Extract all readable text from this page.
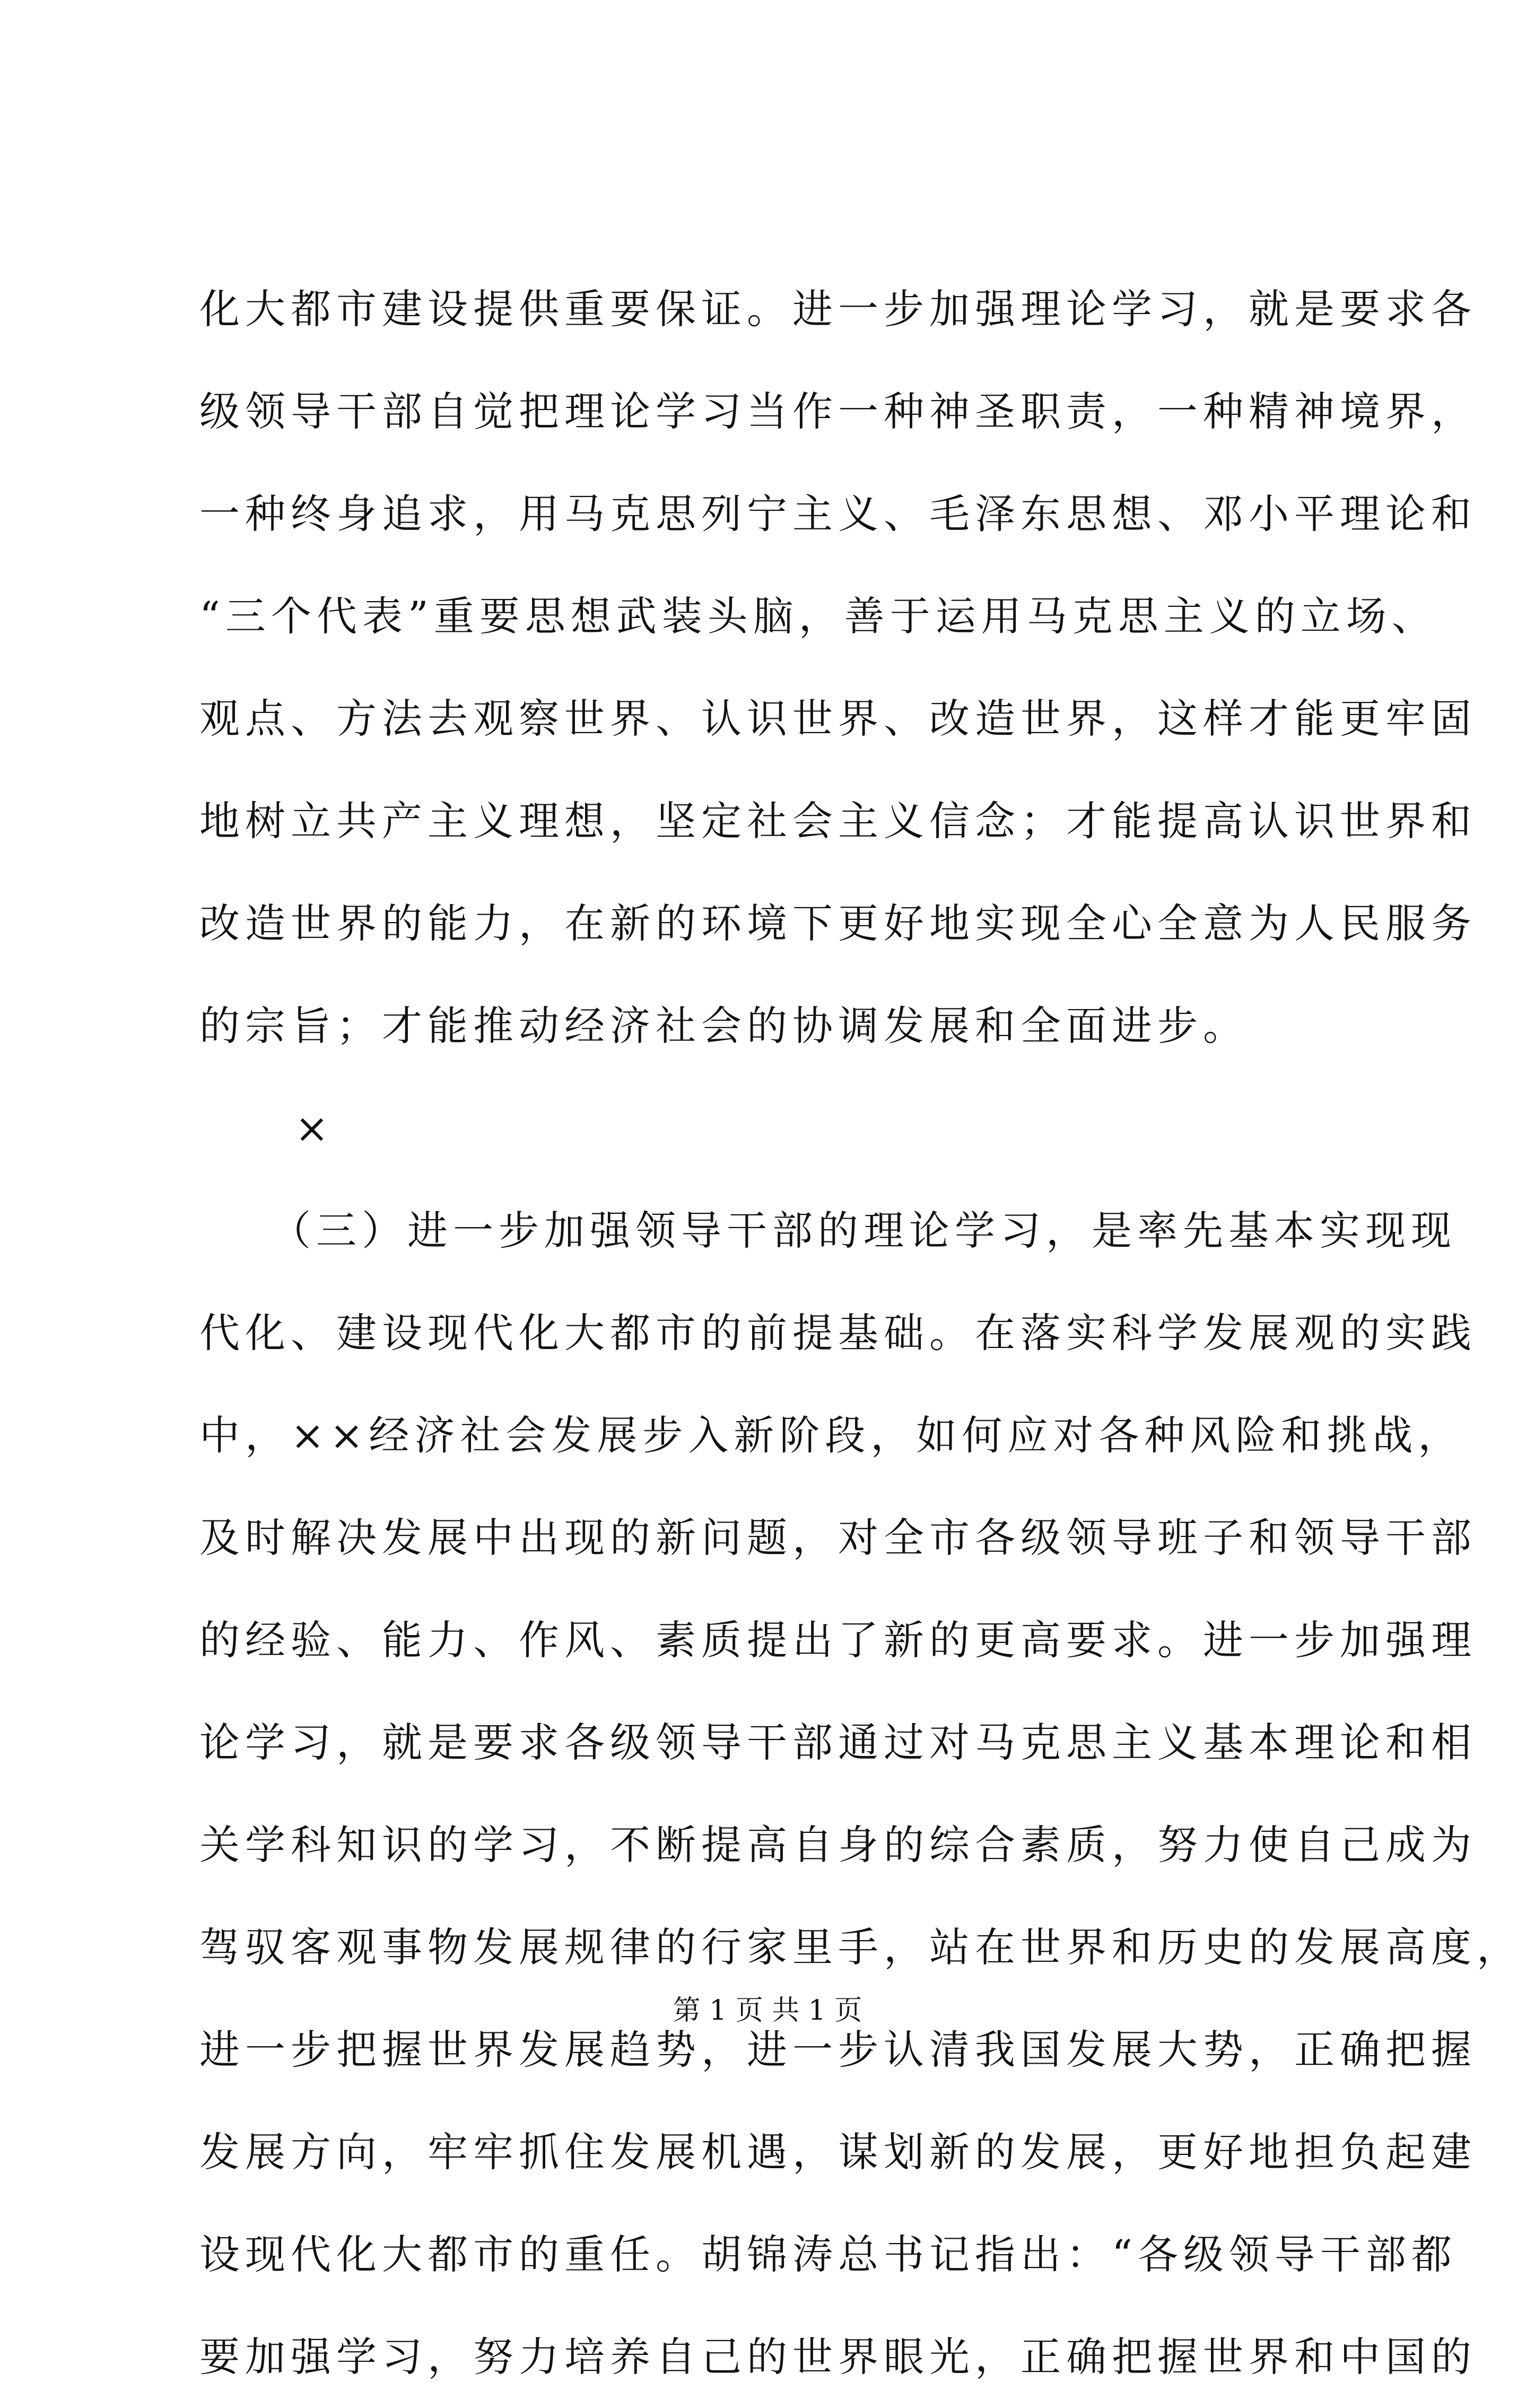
化大都市建设提供重要保证。进一步加强理论学习，就是要求各
级领导干部自觉把理论学习当作一种神圣职责，一种精神境界，
一种终身追求，用马克思列宁主义、毛泽东思想、邓小平理论和
“三个代表”重要思想武装头脑，善于运用马克思主义的立场、
观点、方法去观察世界、认识世界、改造世界，这样才能更牢固
地树立共产主义理想，坚定社会主义信念；才能提高认识世界和
改造世界的能力，在新的环境下更好地实现全心全意为人民服务
的宗旨；才能推动经济社会的协调发展和全面进步。
×
　　（三）进一步加强领导干部的理论学习，是率先基本实现现
代化、建设现代化大都市的前提基础。在落实科学发展观的实践
中，××经济社会发展步入新阶段，如何应对各种风险和挑战，
及时解决发展中出现的新问题，对全市各级领导班子和领导干部
的经验、能力、作风、素质提出了新的更高要求。进一步加强理
论学习，就是要求各级领导干部通过对马克思主义基本理论和相
关学科知识的学习，不断提高自身的综合素质，努力使自己成为
驾驭客观事物发展规律的行家里手，站在世界和历史的发展高度，
进一步把握世界发展趋势，进一步认清我国发展大势，正确把握
发展方向，牢牢抓住发展机遇，谋划新的发展，更好地担负起建
设现代化大都市的重任。胡锦涛总书记指出：“各级领导干部都
要加强学习，努力培养自己的世界眼光，正确把握世界和中国的
第 1 页 共 1 页
